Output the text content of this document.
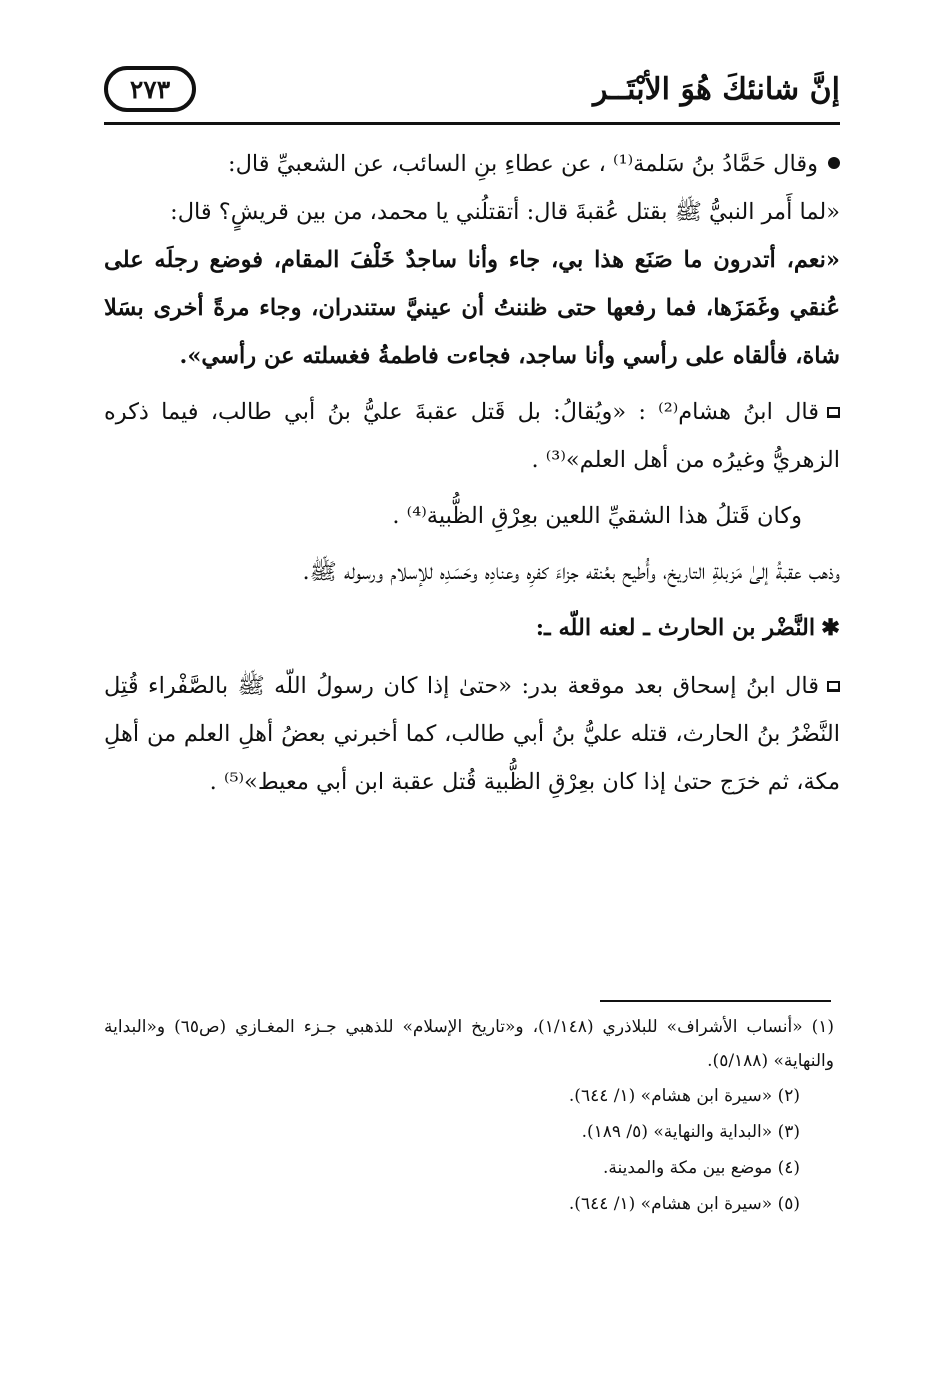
إنَّ شانئكَ هُوَ الأبْتَــر
٢٧٣

وقال حَمَّادُ بنُ سَلمة⁽¹⁾ ، عن عطاءِ بنِ السائب، عن الشعبيِّ قال:

«لما أَمر النبيُّ ﷺ بقتل عُقبةَ قال: أتقتلُني يا محمد، من بين قريشٍ؟ قال:

«نعم، أتدرون ما صَنَع هذا بي، جاء وأنا ساجدٌ خَلْفَ المقام، فوضع رجلَه على عُنقي وغَمَزَها، فما رفعها حتى ظننتُ أن عينيَّ ستندران، وجاء مرةً أخرى بسَلا شاة، فألقاه على رأسي وأنا ساجد، فجاءت فاطمةُ فغسلته عن رأسي».

قال ابنُ هشام⁽²⁾ : «ويُقالُ: بل قَتل عقبةَ عليُّ بنُ أبي طالب، فيما ذكره الزهريُّ وغيرُه من أهل العلم»⁽³⁾ .

وكان قَتلُ هذا الشقيِّ اللعين بعِرْقِ الظُّبية⁽⁴⁾ .

وذهب عقبةُ إلىٰ مَزبلةِ التاريخ، وأُطيح بعُنقه جزاءَ كفرِه وعنادِه وحَسَدِه للإسلام ورسوله ﷺ.

✱النَّضْر بن الحارث ـ لعنه اللّه ـ:

قال ابنُ إسحاق بعد موقعة بدر: «حتىٰ إذا كان رسولُ اللّه ﷺ بالصَّفْراء قُتِل النَّضْرُ بنُ الحارث، قتله عليُّ بنُ أبي طالب، كما أخبرني بعضُ أهلِ العلم من أهلِ مكة، ثم خرَج حتىٰ إذا كان بعِرْقِ الظُّبية قُتل عقبة ابن أبي معيط»⁽⁵⁾ .

(١) «أنساب الأشراف» للبلاذري (١/١٤٨)، و«تاريخ الإسلام» للذهبي جـزء المغـازي (ص٦٥) و«البداية والنهاية» (٥/١٨٨).

(٢) «سيرة ابن هشام» (١/ ٦٤٤).

(٣) «البداية والنهاية» (٥/ ١٨٩).

(٤) موضع بين مكة والمدينة.

(٥) «سيرة ابن هشام» (١/ ٦٤٤).
